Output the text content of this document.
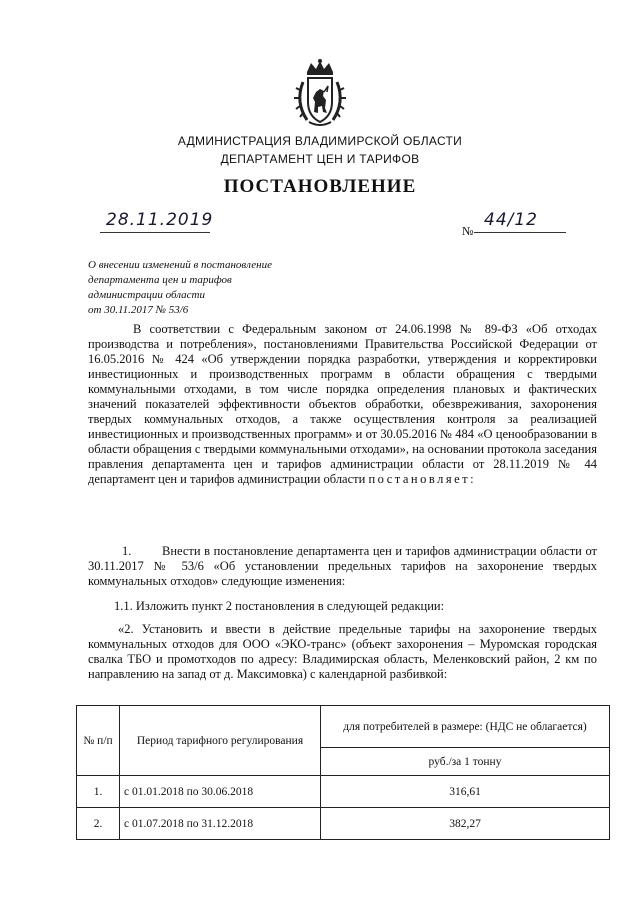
АДМИНИСТРАЦИЯ ВЛАДИМИРСКОЙ ОБЛАСТИ
ДЕПАРТАМЕНТ ЦЕН И ТАРИФОВ
ПОСТАНОВЛЕНИЕ
28.11.2019
№
44/12
О внесении изменений в постановление
департамента цен и тарифов
администрации области
от 30.11.2017 № 53/6
В соответствии с Федеральным законом от 24.06.1998 № 89-ФЗ «Об отходах производства и потребления», постановлениями Правительства Российской Федерации от 16.05.2016 № 424 «Об утверждении порядка разработки, утверждения и корректировки инвестиционных и производственных программ в области обращения с твердыми коммунальными отходами, в том числе порядка определения плановых и фактических значений показателей эффективности объектов обработки, обезвреживания, захоронения твердых коммунальных отходов, а также осуществления контроля за реализацией инвестиционных и производственных программ» и от 30.05.2016 № 484 «О ценообразовании в области обращения с твердыми коммунальными отходами», на основании протокола заседания правления департамента цен и тарифов администрации области от 28.11.2019 № 44 департамент цен и тарифов администрации области постановляет:
1. Внести в постановление департамента цен и тарифов администрации области от 30.11.2017 № 53/6 «Об установлении предельных тарифов на захоронение твердых коммунальных отходов» следующие изменения:
1.1. Изложить пункт 2 постановления в следующей редакции:
«2. Установить и ввести в действие предельные тарифы на захоронение твердых коммунальных отходов для ООО «ЭКО-транс» (объект захоронения – Муромская городская свалка ТБО и промотходов по адресу: Владимирская область, Меленковский район, 2 км по направлению на запад от д. Максимовка) с календарной разбивкой:
№ п/п	Период тарифного регулирования	для потребителей в размере: (НДС не облагается)
		руб./за 1 тонну
1.	с 01.01.2018 по 30.06.2018	316,61
2.	с 01.07.2018 по 31.12.2018	382,27
